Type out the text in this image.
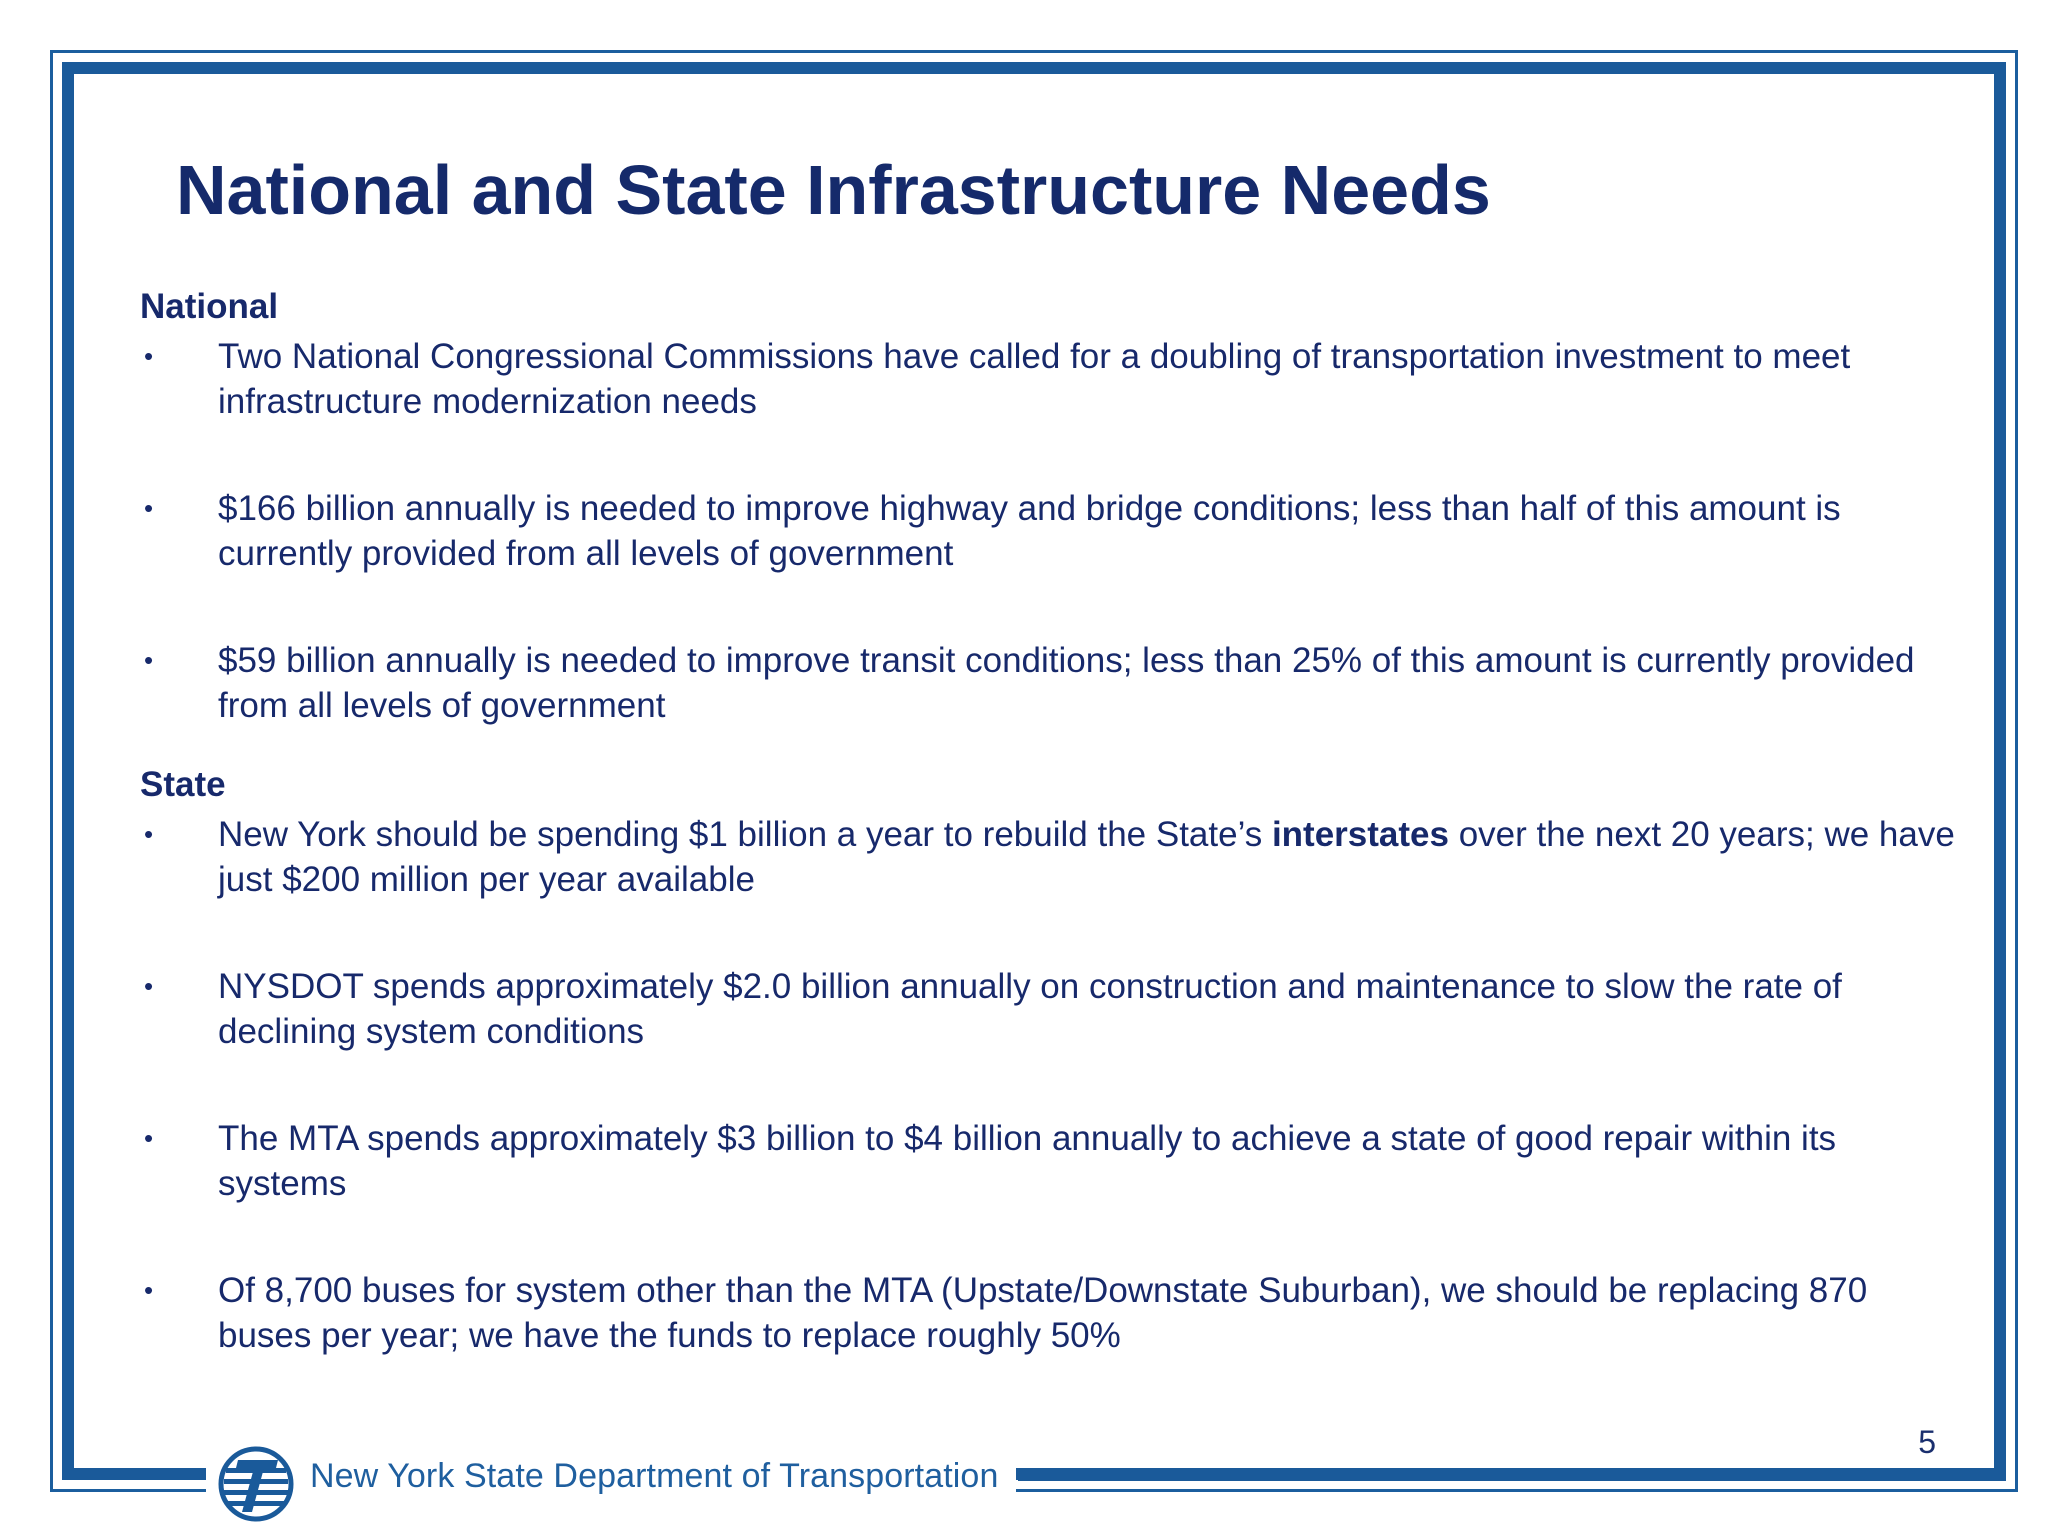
National and State Infrastructure Needs
National
• Two National Congressional Commissions have called for a doubling of transportation investment to meet infrastructure modernization needs
• $166 billion annually is needed to improve highway and bridge conditions; less than half of this amount is currently provided from all levels of government
• $59 billion annually is needed to improve transit conditions; less than 25% of this amount is currently provided from all levels of government
State
• New York should be spending $1 billion a year to rebuild the State’s interstates over the next 20 years; we have just $200 million per year available
• NYSDOT spends approximately $2.0 billion annually on construction and maintenance to slow the rate of declining system conditions
• The MTA spends approximately $3 billion to $4 billion annually to achieve a state of good repair within its systems
• Of 8,700 buses for system other than the MTA (Upstate/Downstate Suburban), we should be replacing 870 buses per year; we have the funds to replace roughly 50%
5
New York State Department of Transportation
